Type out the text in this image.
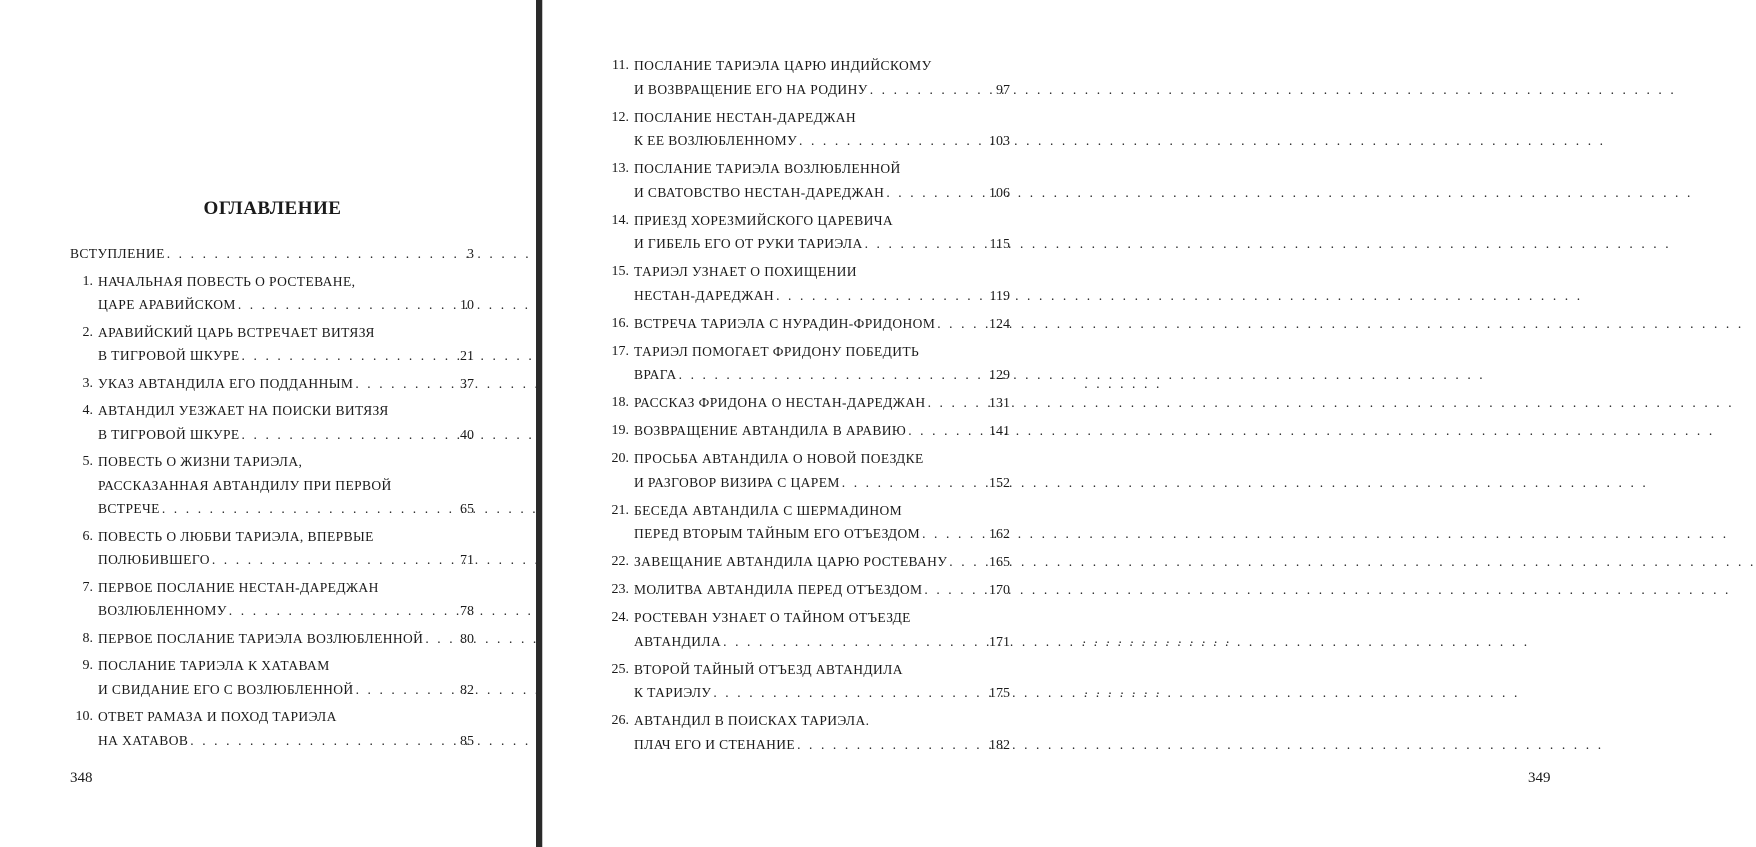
ОГЛАВЛЕНИЕ
ВСТУПЛЕНИЕ . . .	3
1. НАЧАЛЬНАЯ ПОВЕСТЬ О РОСТЕВАНЕ,
ЦАРЕ АРАВИЙСКОМ . . .	10
2. АРАВИЙСКИЙ ЦАРЬ ВСТРЕЧАЕТ ВИТЯЗЯ
В ТИГРОВОЙ ШКУРЕ . . .	21
3. УКАЗ АВТАНДИЛА ЕГО ПОДДАННЫМ . . .	37
4. АВТАНДИЛ УЕЗЖАЕТ НА ПОИСКИ ВИТЯЗЯ
В ТИГРОВОЙ ШКУРЕ . . .	40
5. ПОВЕСТЬ О ЖИЗНИ ТАРИЭЛА,
РАССКАЗАННАЯ АВТАНДИЛУ ПРИ ПЕРВОЙ
ВСТРЕЧЕ . . .	65
6. ПОВЕСТЬ О ЛЮБВИ ТАРИЭЛА, ВПЕРВЫЕ
ПОЛЮБИВШЕГО . . .	71
7. ПЕРВОЕ ПОСЛАНИЕ НЕСТАН-ДАРЕДЖАН
ВОЗЛЮБЛЕННОМУ . . .	78
8. ПЕРВОЕ ПОСЛАНИЕ ТАРИЭЛА ВОЗЛЮБЛЕННОЙ . . .	80
9. ПОСЛАНИЕ ТАРИЭЛА К ХАТАВАМ
И СВИДАНИЕ ЕГО С ВОЗЛЮБЛЕННОЙ . . .	82
10. ОТВЕТ РАМАЗА И ПОХОД ТАРИЭЛА
НА ХАТАВОВ . . .	85
348	349
11. ПОСЛАНИЕ ТАРИЭЛА ЦАРЮ ИНДИЙСКОМУ
И ВОЗВРАЩЕНИЕ ЕГО НА РОДИНУ . . .	97
12. ПОСЛАНИЕ НЕСТАН-ДАРЕДЖАН
К ЕЕ ВОЗЛЮБЛЕННОМУ . . .	103
13. ПОСЛАНИЕ ТАРИЭЛА ВОЗЛЮБЛЕННОЙ
И СВАТОВСТВО НЕСТАН-ДАРЕДЖАН . . .	106
14. ПРИЕЗД ХОРЕЗМИЙСКОГО ЦАРЕВИЧА
И ГИБЕЛЬ ЕГО ОТ РУКИ ТАРИЭЛА . . .	115
15. ТАРИЭЛ УЗНАЕТ О ПОХИЩЕНИИ
НЕСТАН-ДАРЕДЖАН . . .	119
16. ВСТРЕЧА ТАРИЭЛА С НУРАДИН-ФРИДОНОМ . . .	124
17. ТАРИЭЛ ПОМОГАЕТ ФРИДОНУ ПОБЕДИТЬ
ВРАГА . . .	129
18. РАССКАЗ ФРИДОНА О НЕСТАН-ДАРЕДЖАН . . .	131
19. ВОЗВРАЩЕНИЕ АВТАНДИЛА В АРАВИЮ . . .	141
20. ПРОСЬБА АВТАНДИЛА О НОВОЙ ПОЕЗДКЕ
И РАЗГОВОР ВИЗИРА С ЦАРЕМ . . .	152
21. БЕСЕДА АВТАНДИЛА С ШЕРМАДИНОМ
ПЕРЕД ВТОРЫМ ТАЙНЫМ ЕГО ОТЪЕЗДОМ . . .	162
22. ЗАВЕЩАНИЕ АВТАНДИЛА ЦАРЮ РОСТЕВАНУ . . .	165
23. МОЛИТВА АВТАНДИЛА ПЕРЕД ОТЪЕЗДОМ . . .	170
24. РОСТЕВАН УЗНАЕТ О ТАЙНОМ ОТЪЕЗДЕ
АВТАНДИЛА . . .	171
25. ВТОРОЙ ТАЙНЫЙ ОТЪЕЗД АВТАНДИЛА
К ТАРИЭЛУ . . .	175
26. АВТАНДИЛ В ПОИСКАХ ТАРИЭЛА.
ПЛАЧ ЕГО И СТЕНАНИЕ . . .	182
